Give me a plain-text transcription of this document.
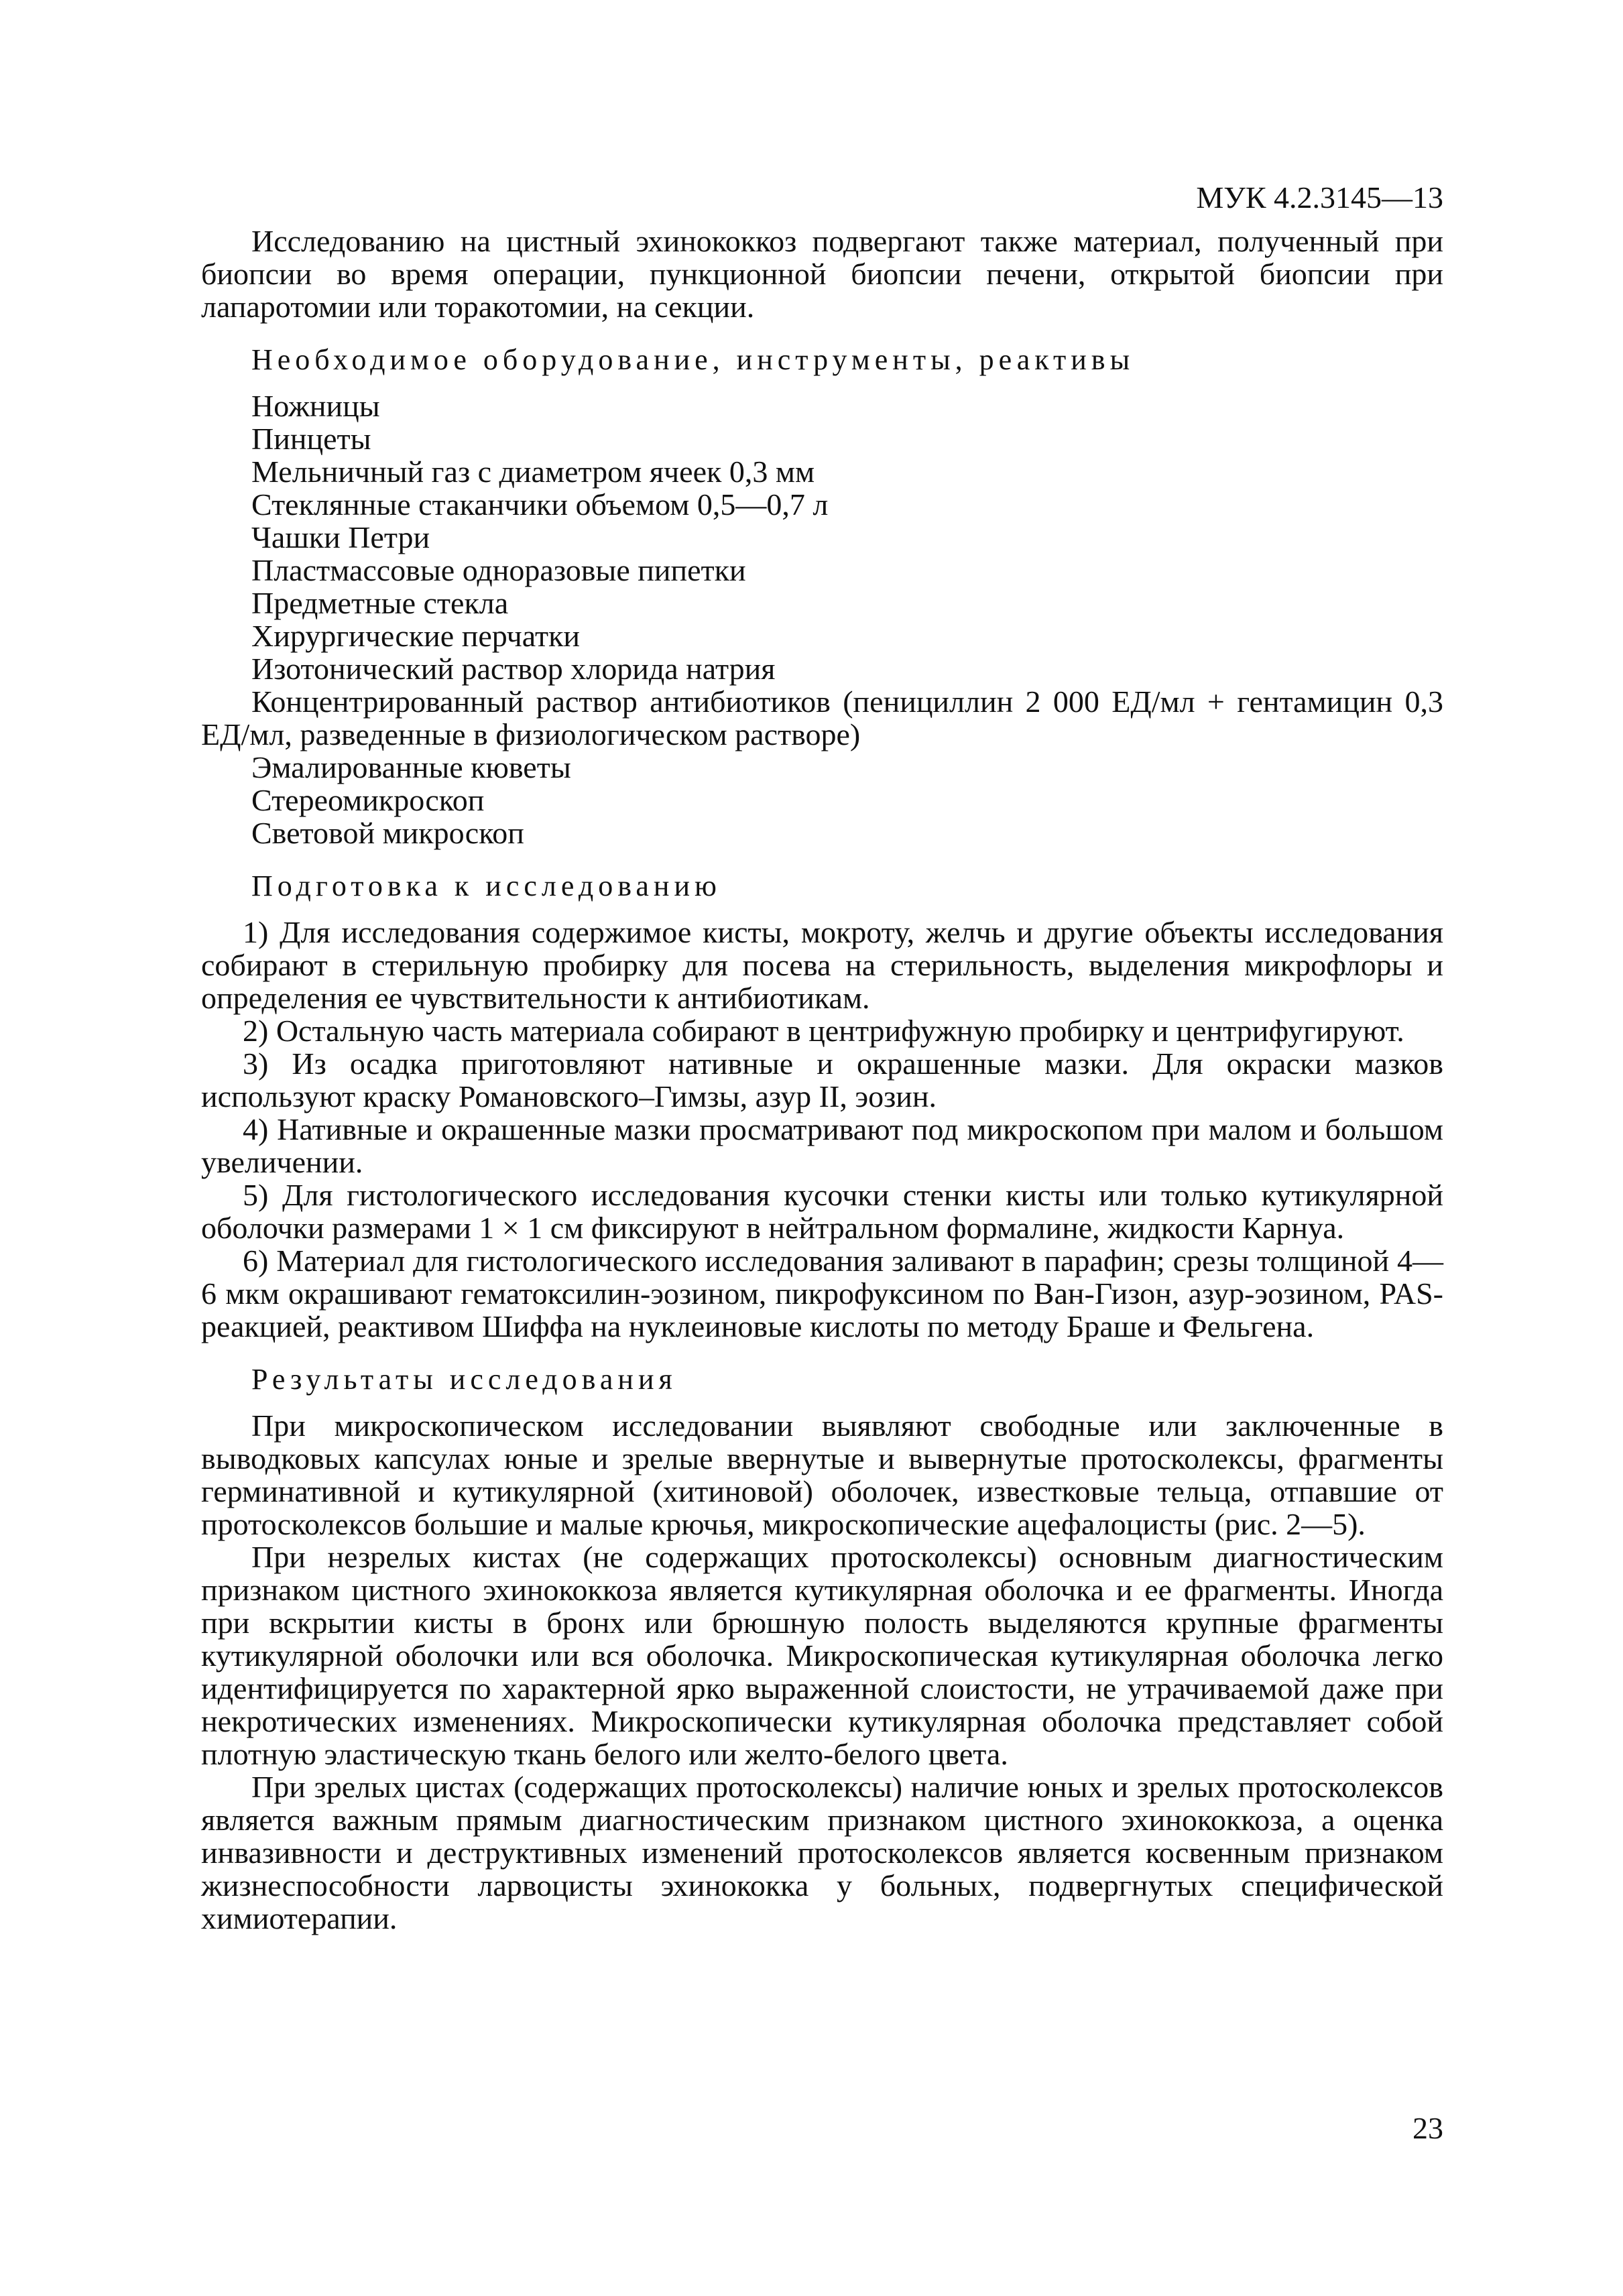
МУК 4.2.3145—13

Исследованию на цистный эхинококкоз подвергают также материал, полученный при биопсии во время операции, пункционной биопсии печени, открытой биопсии при лапаротомии или торакотомии, на секции.

Необходимое оборудование, инструменты, реактивы
Ножницы
Пинцеты
Мельничный газ с диаметром ячеек 0,3 мм
Стеклянные стаканчики объемом 0,5—0,7 л
Чашки Петри
Пластмассовые одноразовые пипетки
Предметные стекла
Хирургические перчатки
Изотонический раствор хлорида натрия
Концентрированный раствор антибиотиков (пенициллин 2 000 ЕД/мл + гентамицин 0,3 ЕД/мл, разведенные в физиологическом растворе)
Эмалированные кюветы
Стереомикроскоп
Световой микроскоп
Подготовка к исследованию

1) Для исследования содержимое кисты, мокроту, желчь и другие объекты исследования собирают в стерильную пробирку для посева на стерильность, выделения микрофлоры и определения ее чувствительности к антибиотикам.

2) Остальную часть материала собирают в центрифужную пробирку и центрифугируют.

3) Из осадка приготовляют нативные и окрашенные мазки. Для окраски мазков используют краску Романовского–Гимзы, азур II, эозин.

4) Нативные и окрашенные мазки просматривают под микроскопом при малом и большом увеличении.

5) Для гистологического исследования кусочки стенки кисты или только кутикулярной оболочки размерами 1 × 1 см фиксируют в нейтральном формалине, жидкости Карнуа.

6) Материал для гистологического исследования заливают в парафин; срезы толщиной 4—6 мкм окрашивают гематоксилин-эозином, пикрофуксином по Ван-Гизон, азур-эозином, PAS-реакцией, реактивом Шиффа на нуклеиновые кислоты по методу Браше и Фельгена.

Результаты исследования

При микроскопическом исследовании выявляют свободные или заключенные в выводковых капсулах юные и зрелые ввернутые и вывернутые протосколексы, фрагменты герминативной и кутикулярной (хитиновой) оболочек, известковые тельца, отпавшие от протосколексов большие и малые крючья, микроскопические ацефалоцисты (рис. 2—5).

При незрелых кистах (не содержащих протосколексы) основным диагностическим признаком цистного эхинококкоза является кутикулярная оболочка и ее фрагменты. Иногда при вскрытии кисты в бронх или брюшную полость выделяются крупные фрагменты кутикулярной оболочки или вся оболочка. Микроскопическая кутикулярная оболочка легко идентифицируется по характерной ярко выраженной слоистости, не утрачиваемой даже при некротических изменениях. Микроскопически кутикулярная оболочка представляет собой плотную эластическую ткань белого или желто-белого цвета.

При зрелых цистах (содержащих протосколексы) наличие юных и зрелых протосколексов является важным прямым диагностическим признаком цистного эхинококкоза, а оценка инвазивности и деструктивных изменений протосколексов является косвенным признаком жизнеспособности ларвоцисты эхинококка у больных, подвергнутых специфической химиотерапии.

23
